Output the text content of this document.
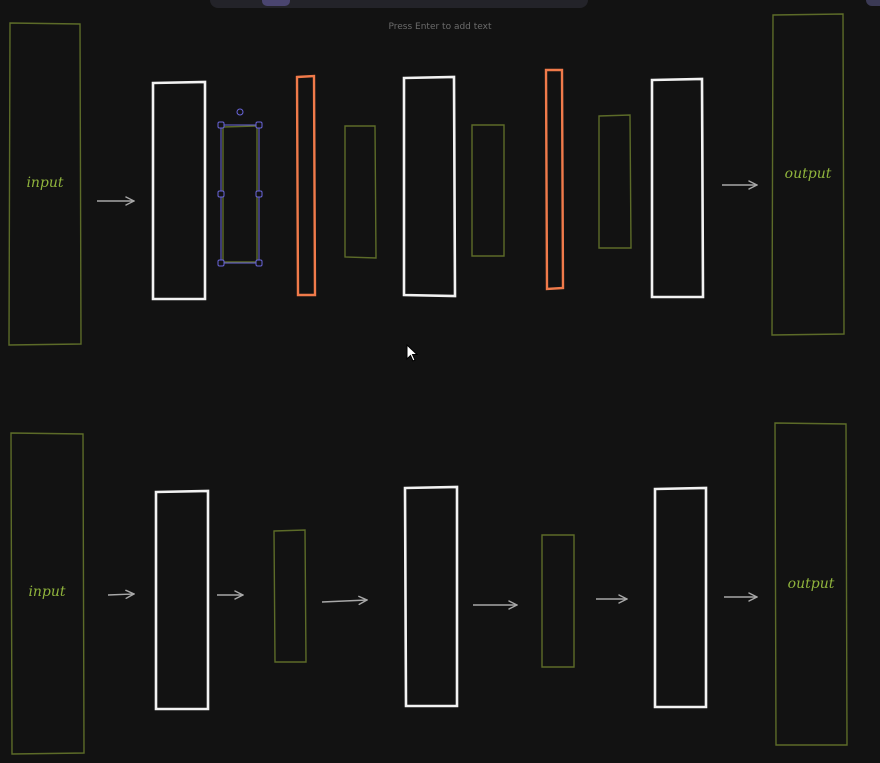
Press Enter to add text
input
output
input	output
